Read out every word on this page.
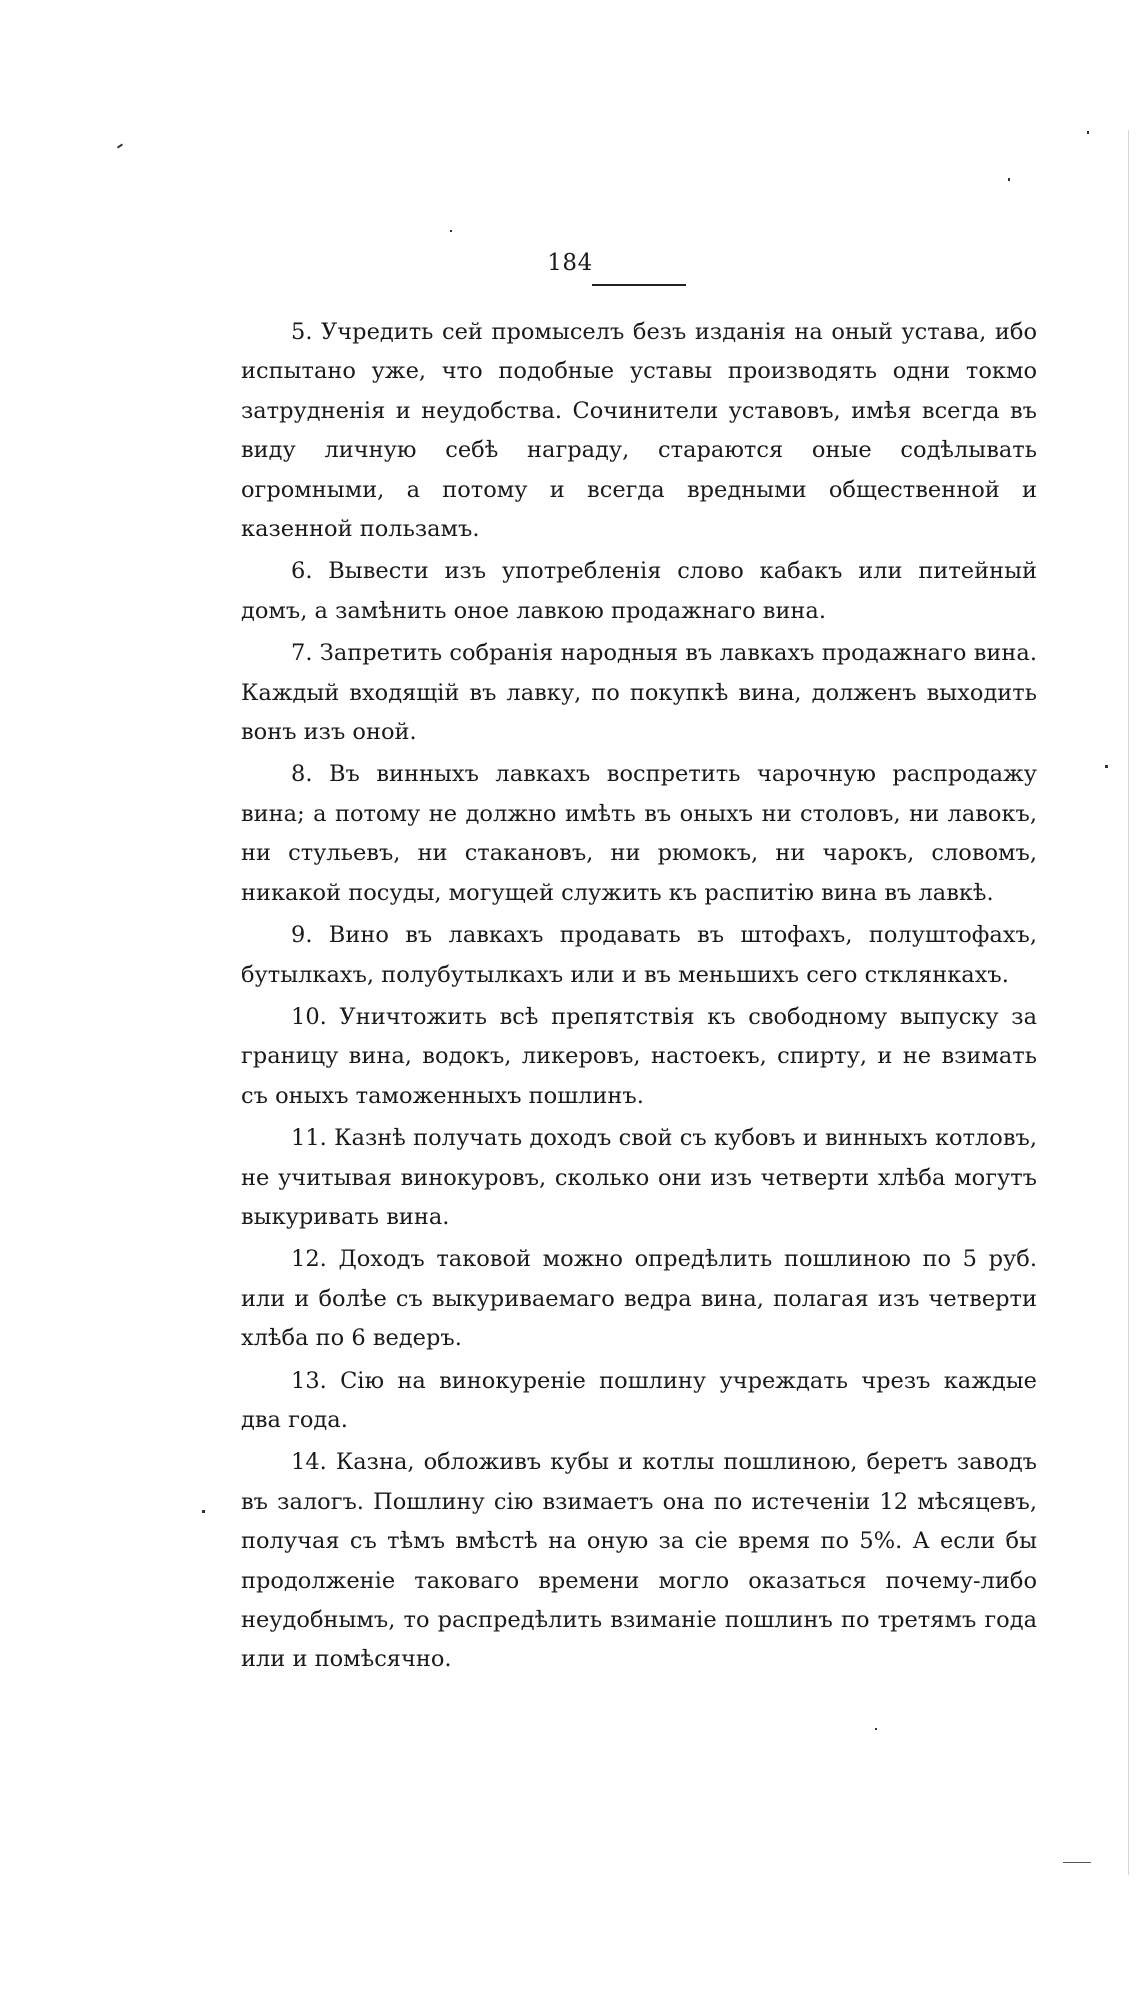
184

5. Учредить сей промыселъ безъ изданія на оный устава, ибо испытано уже, что подобные уставы производять одни токмо затрудненія и неудобства. Сочинители уставовъ, имѣя всегда въ виду личную себѣ награду, стараются оные содѣлывать огромными, а потому и всегда вредными общественной и казенной пользамъ.

6. Вывести изъ употребленія слово кабакъ или питейный домъ, а замѣнить оное лавкою продажнаго вина.

7. Запретить собранія народныя въ лавкахъ продажнаго вина. Каждый входящій въ лавку, по покупкѣ вина, долженъ выходить вонъ изъ оной.

8. Въ винныхъ лавкахъ воспретить чарочную распродажу вина; а потому не должно имѣть въ оныхъ ни столовъ, ни лавокъ, ни стульевъ, ни стакановъ, ни рюмокъ, ни чарокъ, словомъ, никакой посуды, могущей служить къ распитію вина въ лавкѣ.

9. Вино въ лавкахъ продавать въ штофахъ, полуштофахъ, бутылкахъ, полубутылкахъ или и въ меньшихъ сего стклянкахъ.

10. Уничтожить всѣ препятствія къ свободному выпуску за границу вина, водокъ, ликеровъ, настоекъ, спирту, и не взимать съ оныхъ таможенныхъ пошлинъ.

11. Казнѣ получать доходъ свой съ кубовъ и винныхъ котловъ, не учитывая винокуровъ, сколько они изъ четверти хлѣба могутъ выкуривать вина.

12. Доходъ таковой можно опредѣлить пошлиною по 5 руб. или и болѣе съ выкуриваемаго ведра вина, полагая изъ четверти хлѣба по 6 ведеръ.

13. Сію на винокуреніе пошлину учреждать чрезъ каждые два года.

14. Казна, обложивъ кубы и котлы пошлиною, беретъ заводъ въ залогъ. Пошлину сію взимаетъ она по истеченіи 12 мѣсяцевъ, получая съ тѣмъ вмѣстѣ на оную за сіе время по 5%. А если бы продолженіе таковаго времени могло оказаться почему-либо неудобнымъ, то распредѣлить взиманіе пошлинъ по третямъ года или и помѣсячно.
